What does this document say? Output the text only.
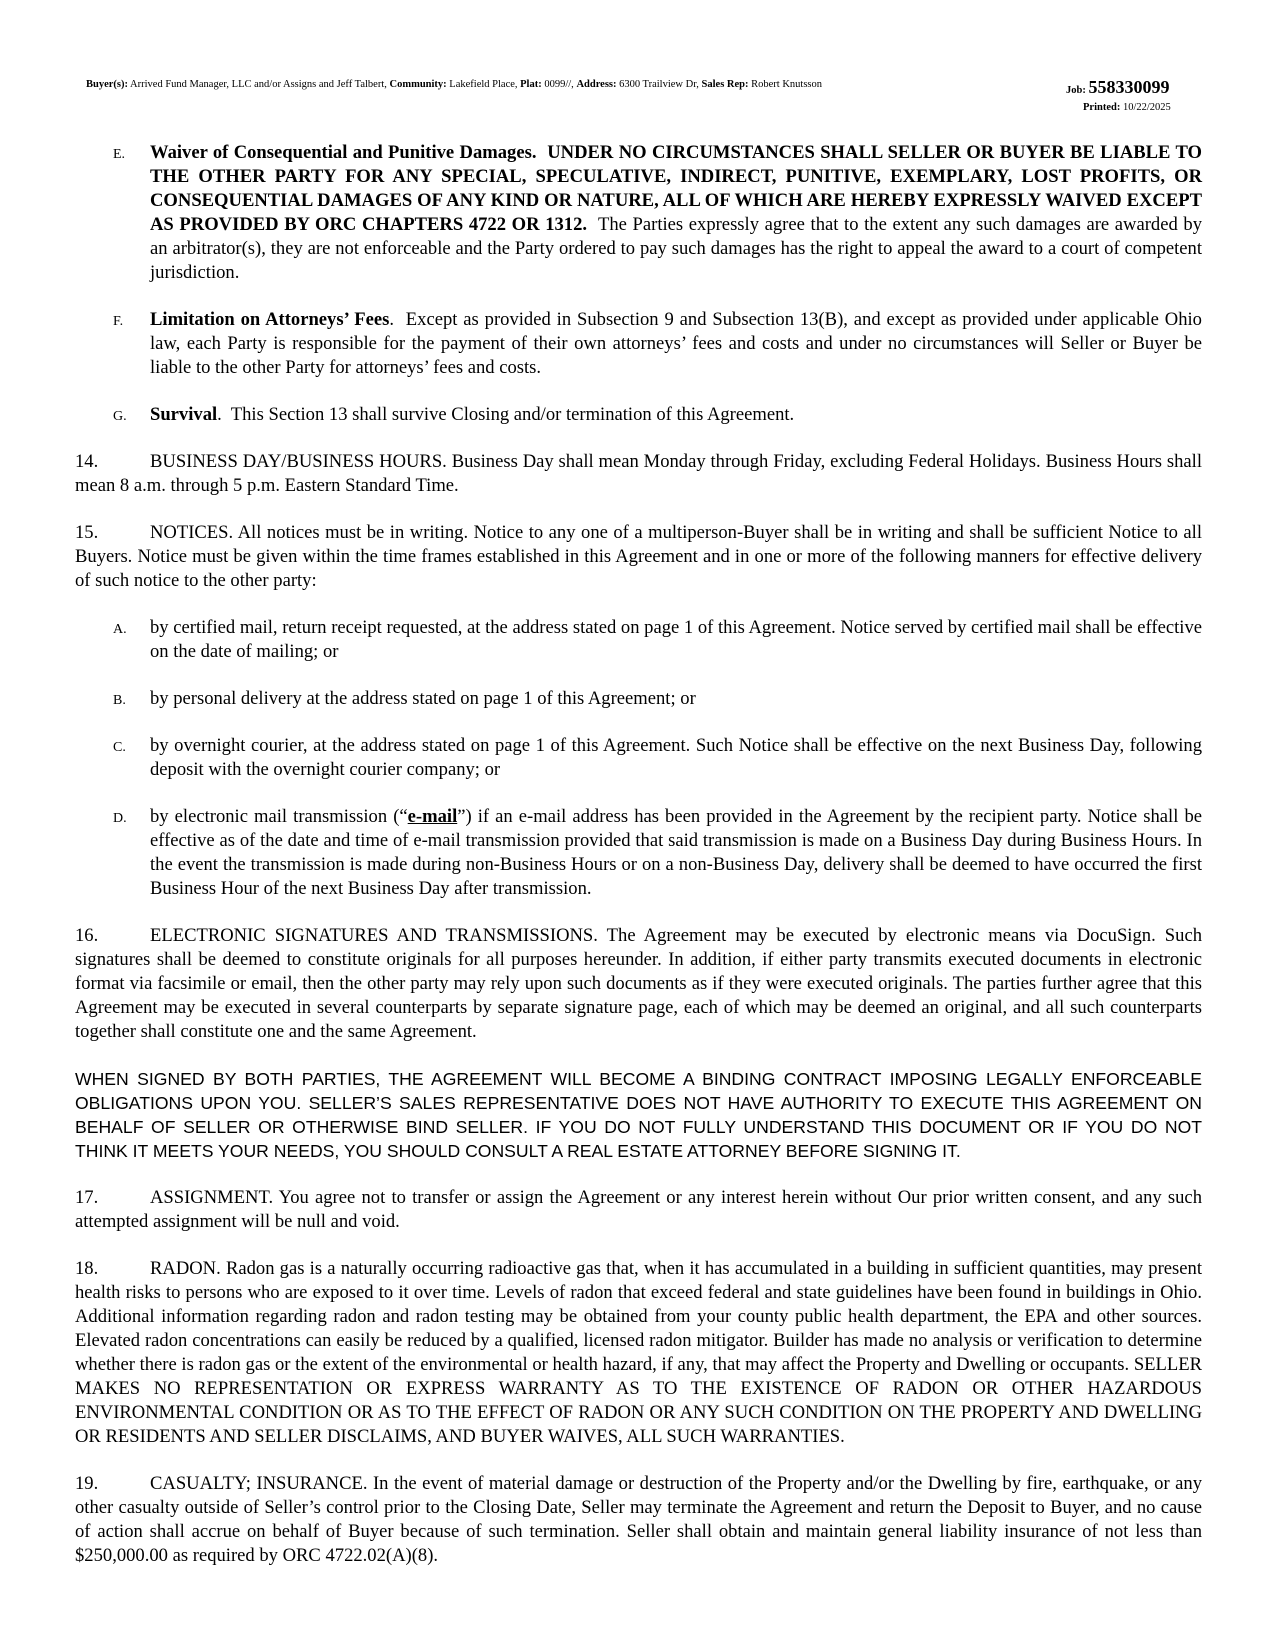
Buyer(s): Arrived Fund Manager, LLC and/or Assigns and Jeff Talbert, Community: Lakefield Place, Plat: 0099//, Address: 6300 Trailview Dr, Sales Rep: Robert Knutsson
Job: 558330099
Printed: 10/22/2025
E. Waiver of Consequential and Punitive Damages. UNDER NO CIRCUMSTANCES SHALL SELLER OR BUYER BE LIABLE TO THE OTHER PARTY FOR ANY SPECIAL, SPECULATIVE, INDIRECT, PUNITIVE, EXEMPLARY, LOST PROFITS, OR CONSEQUENTIAL DAMAGES OF ANY KIND OR NATURE, ALL OF WHICH ARE HEREBY EXPRESSLY WAIVED EXCEPT AS PROVIDED BY ORC CHAPTERS 4722 OR 1312. The Parties expressly agree that to the extent any such damages are awarded by an arbitrator(s), they are not enforceable and the Party ordered to pay such damages has the right to appeal the award to a court of competent jurisdiction.

F. Limitation on Attorneys’ Fees.  Except as provided in Subsection 9 and Subsection 13(B), and except as provided under applicable Ohio law, each Party is responsible for the payment of their own attorneys’ fees and costs and under no circumstances will Seller or Buyer be liable to the other Party for attorneys’ fees and costs.

G. Survival.  This Section 13 shall survive Closing and/or termination of this Agreement.

14.	BUSINESS DAY/BUSINESS HOURS. Business Day shall mean Monday through Friday, excluding Federal Holidays. Business Hours shall mean 8 a.m. through 5 p.m. Eastern Standard Time.

15.	NOTICES. All notices must be in writing. Notice to any one of a multiperson-Buyer shall be in writing and shall be sufficient Notice to all Buyers. Notice must be given within the time frames established in this Agreement and in one or more of the following manners for effective delivery of such notice to the other party:

A. by certified mail, return receipt requested, at the address stated on page 1 of this Agreement. Notice served by certified mail shall be effective on the date of mailing; or

B. by personal delivery at the address stated on page 1 of this Agreement; or

C. by overnight courier, at the address stated on page 1 of this Agreement. Such Notice shall be effective on the next Business Day, following deposit with the overnight courier company; or

D. by electronic mail transmission (“e-mail”) if an e-mail address has been provided in the Agreement by the recipient party. Notice shall be effective as of the date and time of e-mail transmission provided that said transmission is made on a Business Day during Business Hours. In the event the transmission is made during non-Business Hours or on a non-Business Day, delivery shall be deemed to have occurred the first Business Hour of the next Business Day after transmission.

16.	ELECTRONIC SIGNATURES AND TRANSMISSIONS. The Agreement may be executed by electronic means via DocuSign. Such signatures shall be deemed to constitute originals for all purposes hereunder. In addition, if either party transmits executed documents in electronic format via facsimile or email, then the other party may rely upon such documents as if they were executed originals. The parties further agree that this Agreement may be executed in several counterparts by separate signature page, each of which may be deemed an original, and all such counterparts together shall constitute one and the same Agreement.

WHEN SIGNED BY BOTH PARTIES, THE AGREEMENT WILL BECOME A BINDING CONTRACT IMPOSING LEGALLY ENFORCEABLE OBLIGATIONS UPON YOU. SELLER’S SALES REPRESENTATIVE DOES NOT HAVE AUTHORITY TO EXECUTE THIS AGREEMENT ON BEHALF OF SELLER OR OTHERWISE BIND SELLER. IF YOU DO NOT FULLY UNDERSTAND THIS DOCUMENT OR IF YOU DO NOT THINK IT MEETS YOUR NEEDS, YOU SHOULD CONSULT A REAL ESTATE ATTORNEY BEFORE SIGNING IT.

17.	ASSIGNMENT. You agree not to transfer or assign the Agreement or any interest herein without Our prior written consent, and any such attempted assignment will be null and void.

18.	RADON. Radon gas is a naturally occurring radioactive gas that, when it has accumulated in a building in sufficient quantities, may present health risks to persons who are exposed to it over time. Levels of radon that exceed federal and state guidelines have been found in buildings in Ohio. Additional information regarding radon and radon testing may be obtained from your county public health department, the EPA and other sources. Elevated radon concentrations can easily be reduced by a qualified, licensed radon mitigator. Builder has made no analysis or verification to determine whether there is radon gas or the extent of the environmental or health hazard, if any, that may affect the Property and Dwelling or occupants. SELLER MAKES NO REPRESENTATION OR EXPRESS WARRANTY AS TO THE EXISTENCE OF RADON OR OTHER HAZARDOUS ENVIRONMENTAL CONDITION OR AS TO THE EFFECT OF RADON OR ANY SUCH CONDITION ON THE PROPERTY AND DWELLING OR RESIDENTS AND SELLER DISCLAIMS, AND BUYER WAIVES, ALL SUCH WARRANTIES.

19.	CASUALTY; INSURANCE. In the event of material damage or destruction of the Property and/or the Dwelling by fire, earthquake, or any other casualty outside of Seller’s control prior to the Closing Date, Seller may terminate the Agreement and return the Deposit to Buyer, and no cause of action shall accrue on behalf of Buyer because of such termination. Seller shall obtain and maintain general liability insurance of not less than $250,000.00 as required by ORC 4722.02(A)(8).
